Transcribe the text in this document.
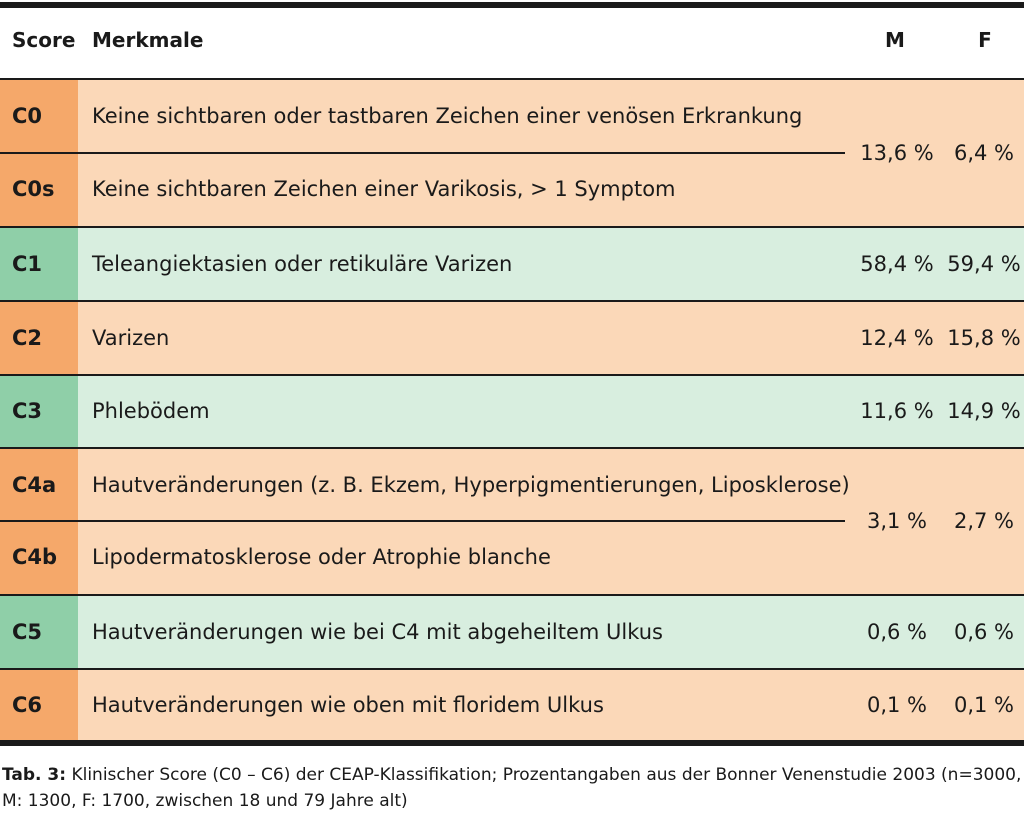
Score Merkmale	M	F
C0 Keine sichtbaren oder tastbaren Zeichen einer venösen Erkrankung
C0s Keine sichtbaren Zeichen einer Varikosis, > 1 Symptom
13,6 % 6,4 %
C1 Teleangiektasien oder retikuläre Varizen	58,4 % 59,4 %
C2 Varizen	12,4 % 15,8 %
C3 Phlebödem	11,6 % 14,9 %
C4a Hautveränderungen (z. B. Ekzem, Hyperpigmentierungen, Liposklerose)
C4b Lipodermatosklerose oder Atrophie blanche
3,1 %	2,7 %
C5 Hautveränderungen wie bei C4 mit abgeheiltem Ulkus	0,6 %	0,6 %
C6 Hautveränderungen wie oben mit floridem Ulkus	0,1 %	0,1 %
Tab. 3: Klinischer Score (C0 – C6) der CEAP-Klassifikation; Prozentangaben aus der Bonner Venenstudie 2003 (n=3000, M: 1300, F: 1700, zwischen 18 und 79 Jahre alt)
